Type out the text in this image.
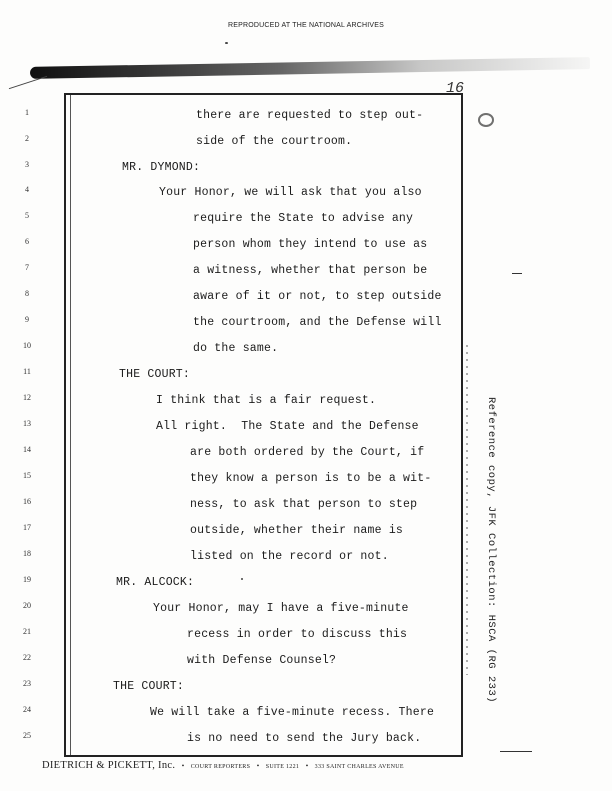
REPRODUCED AT THE NATIONAL ARCHIVES
16
1
2
3
4
5
6
7
8
9
10
11
12
13
14
15
16
17
18
19
20
21
22
23
24
25
there are requested to step out-
side of the courtroom.
MR. DYMOND:
Your Honor, we will ask that you also
require the State to advise any
person whom they intend to use as
a witness, whether that person be
aware of it or not, to step outside
the courtroom, and the Defense will
do the same.
THE COURT:
I think that is a fair request.
All right.  The State and the Defense
are both ordered by the Court, if
they know a person is to be a wit-
ness, to ask that person to step
outside, whether their name is
listed on the record or not.
MR. ALCOCK:
Your Honor, may I have a five-minute
recess in order to discuss this
with Defense Counsel?
THE COURT:
We will take a five-minute recess. There
is no need to send the Jury back.
Reference copy, JFK Collection: HSCA (RG 233)
DIETRICH & PICKETT, Inc. • COURT REPORTERS • SUITE 1221 • 333 SAINT CHARLES AVENUE
